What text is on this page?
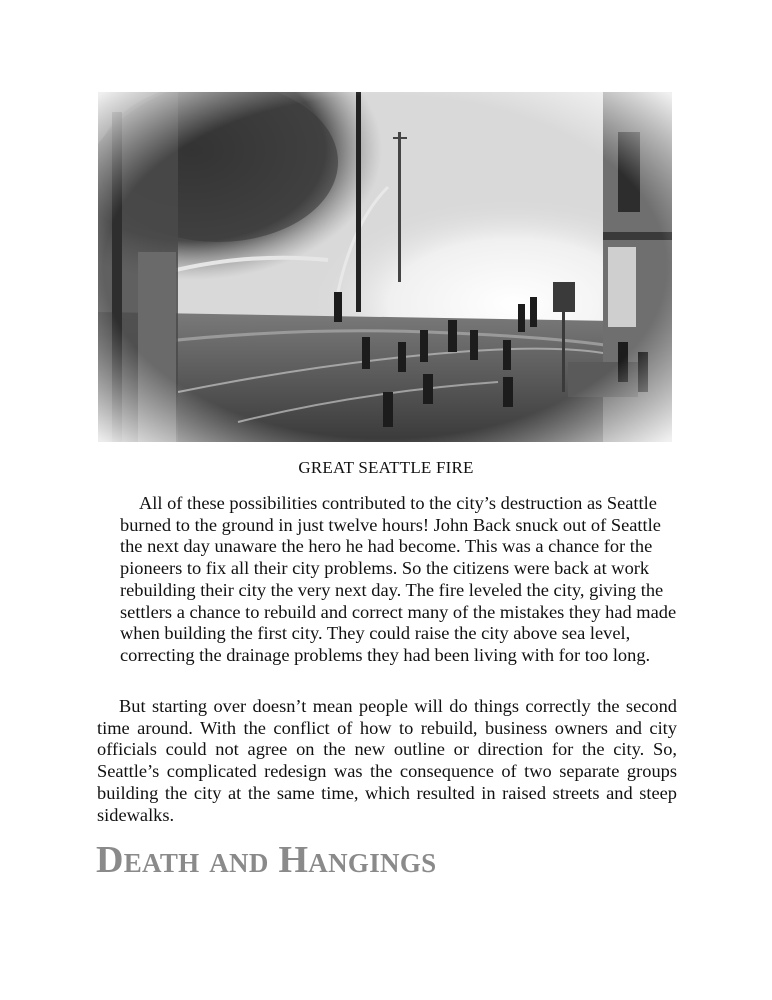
GREAT SEATTLE FIRE

All of these possibilities contributed to the city’s destruction as Seattle burned to the ground in just twelve hours! John Back snuck out of Seattle the next day unaware the hero he had become. This was a chance for the pioneers to fix all their city problems. So the citizens were back at work rebuilding their city the very next day. The fire leveled the city, giving the settlers a chance to rebuild and correct many of the mistakes they had made when building the first city. They could raise the city above sea level, correcting the drainage problems they had been living with for too long.

But starting over doesn’t mean people will do things correctly the second time around. With the conflict of how to rebuild, business owners and city officials could not agree on the new outline or direction for the city. So, Seattle’s complicated redesign was the consequence of two separate groups building the city at the same time, which resulted in raised streets and steep sidewalks.

Death and Hangings
